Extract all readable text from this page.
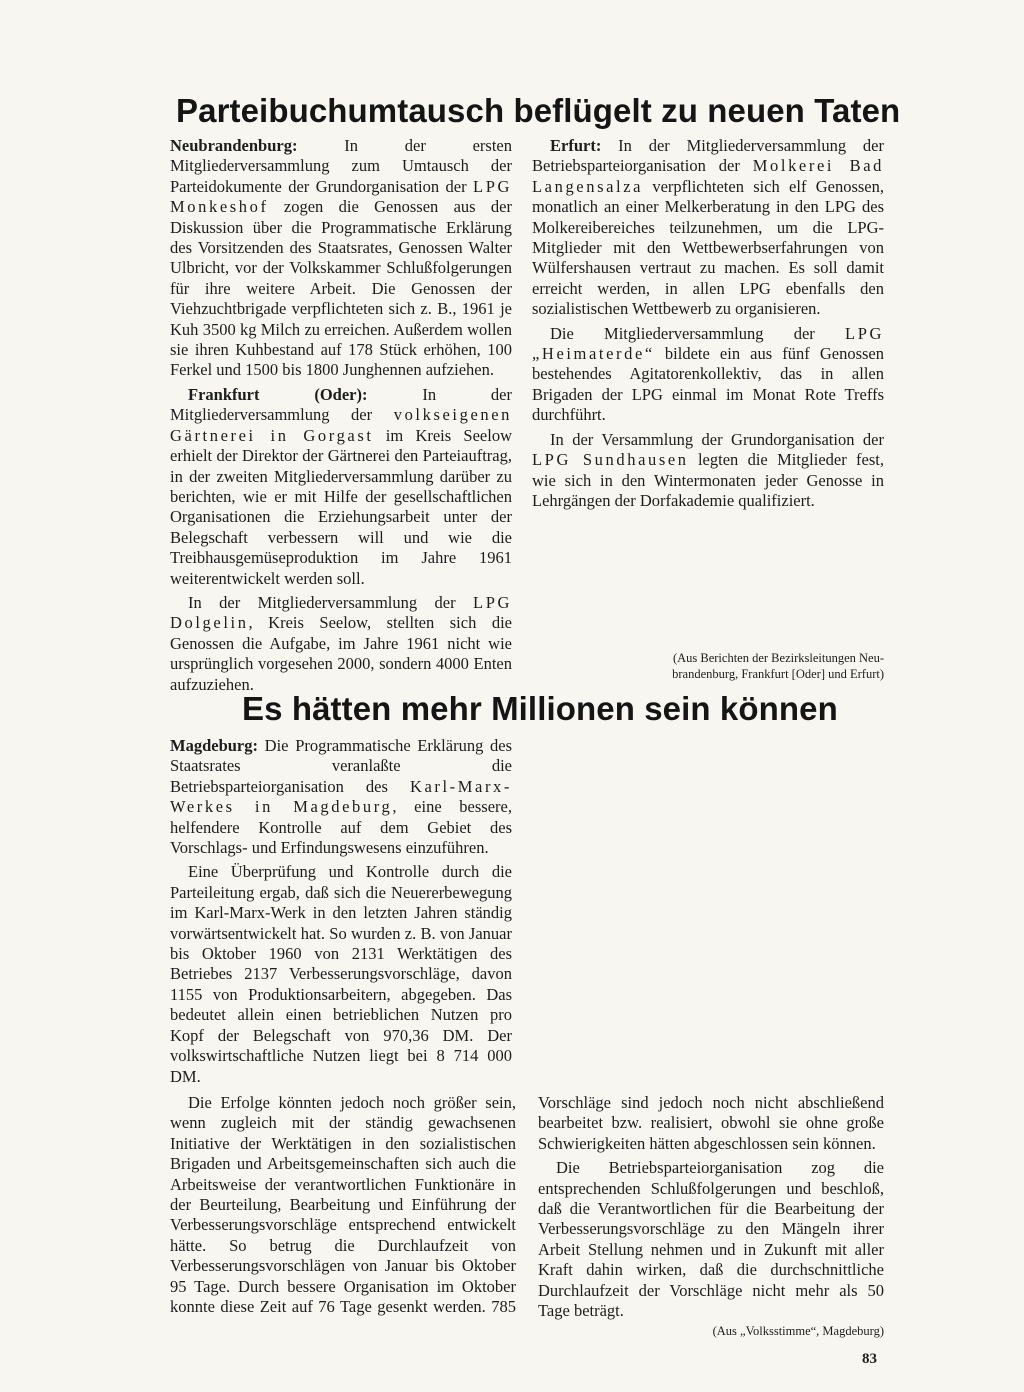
Parteibuchumtausch beflügelt zu neuen Taten

Neubrandenburg: In der ersten Mitgliederversammlung zum Umtausch der Parteidokumente der Grundorganisation der LPG Monkeshof zogen die Genossen aus der Diskussion über die Programmatische Erklärung des Vorsitzenden des Staatsrates, Genossen Walter Ulbricht, vor der Volkskammer Schlußfolgerungen für ihre weitere Arbeit. Die Genossen der Viehzuchtbrigade verpflichteten sich z. B., 1961 je Kuh 3500 kg Milch zu erreichen. Außerdem wollen sie ihren Kuhbestand auf 178 Stück erhöhen, 100 Ferkel und 1500 bis 1800 Junghennen aufziehen.

Frankfurt (Oder): In der Mitgliederversammlung der volkseigenen Gärtnerei in Gorgast im Kreis Seelow erhielt der Direktor der Gärtnerei den Parteiauftrag, in der zweiten Mitgliederversammlung darüber zu berichten, wie er mit Hilfe der gesellschaftlichen Organisationen die Erziehungsarbeit unter der Belegschaft verbessern will und wie die Treibhausgemüseproduktion im Jahre 1961 weiterentwickelt werden soll.

In der Mitgliederversammlung der LPG Dolgelin, Kreis Seelow, stellten sich die Genossen die Aufgabe, im Jahre 1961 nicht wie ursprünglich vorgesehen 2000, sondern 4000 Enten aufzuziehen.

Erfurt: In der Mitgliederversammlung der Betriebsparteiorganisation der Molkerei Bad Langensalza verpflichteten sich elf Genossen, monatlich an einer Melkerberatung in den LPG des Molkereibereiches teilzunehmen, um die LPG-Mitglieder mit den Wettbewerbserfahrungen von Wülfershausen vertraut zu machen. Es soll damit erreicht werden, in allen LPG ebenfalls den sozialistischen Wettbewerb zu organisieren.

Die Mitgliederversammlung der LPG „Heimaterde“ bildete ein aus fünf Genossen bestehendes Agitatorenkollektiv, das in allen Brigaden der LPG einmal im Monat Rote Treffs durchführt.

In der Versammlung der Grundorganisation der LPG Sundhausen legten die Mitglieder fest, wie sich in den Wintermonaten jeder Genosse in Lehrgängen der Dorfakademie qualifiziert.

(Aus Berichten der Bezirksleitungen Neu-
brandenburg, Frankfurt [Oder] und Erfurt)
Es hätten mehr Millionen sein können

Magdeburg: Die Programmatische Erklärung des Staatsrates veranlaßte die Betriebsparteiorganisation des Karl-Marx-Werkes in Magdeburg, eine bessere, helfendere Kontrolle auf dem Gebiet des Vorschlags- und Erfindungswesens einzuführen.

Eine Überprüfung und Kontrolle durch die Parteileitung ergab, daß sich die Neuererbewegung im Karl-Marx-Werk in den letzten Jahren ständig vorwärtsentwickelt hat. So wurden z. B. von Januar bis Oktober 1960 von 2131 Werktätigen des Betriebes 2137 Verbesserungsvorschläge, davon 1155 von Produktionsarbeitern, abgegeben. Das bedeutet allein einen betrieblichen Nutzen pro Kopf der Belegschaft von 970,36 DM. Der volkswirtschaftliche Nutzen liegt bei 8 714 000 DM.

Die Erfolge könnten jedoch noch größer sein, wenn zugleich mit der ständig gewachsenen Initiative der Werktätigen in den sozialistischen Brigaden und Arbeitsgemeinschaften sich auch die Arbeitsweise der verantwortlichen Funktionäre in der Beurteilung, Bearbeitung und Einführung der Verbesserungsvorschläge entsprechend entwickelt hätte. So betrug die Durchlaufzeit von Verbesserungsvorschlägen von Januar bis Oktober 95 Tage. Durch bessere Organisation im Oktober konnte diese Zeit auf 76 Tage gesenkt werden. 785 Vorschläge sind jedoch noch nicht abschließend bearbeitet bzw. realisiert, obwohl sie ohne große Schwierigkeiten hätten abgeschlossen sein können.

Die Betriebsparteiorganisation zog die entsprechenden Schlußfolgerungen und beschloß, daß die Verantwortlichen für die Bearbeitung der Verbesserungsvorschläge zu den Mängeln ihrer Arbeit Stellung nehmen und in Zukunft mit aller Kraft dahin wirken, daß die durchschnittliche Durchlaufzeit der Vorschläge nicht mehr als 50 Tage beträgt.

(Aus „Volksstimme“, Magdeburg)
83
